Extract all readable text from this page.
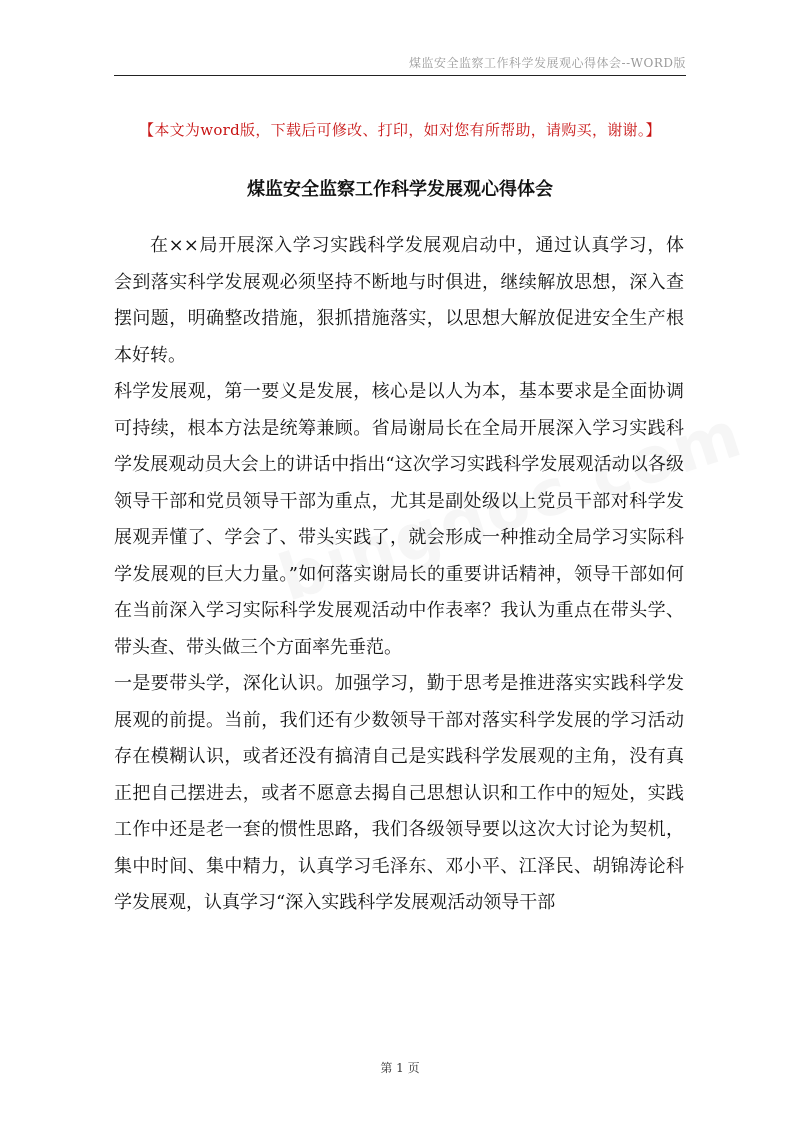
煤监安全监察工作科学发展观心得体会--WORD版
【本文为word版，下载后可修改、打印，如对您有所帮助，请购买，谢谢。】
煤监安全监察工作科学发展观心得体会

在××局开展深入学习实践科学发展观启动中，通过认真学习，体会到落实科学发展观必须坚持不断地与时俱进，继续解放思想，深入查摆问题，明确整改措施，狠抓措施落实，以思想大解放促进安全生产根本好转。

科学发展观，第一要义是发展，核心是以人为本，基本要求是全面协调可持续，根本方法是统筹兼顾。省局谢局长在全局开展深入学习实践科学发展观动员大会上的讲话中指出“这次学习实践科学发展观活动以各级领导干部和党员领导干部为重点，尤其是副处级以上党员干部对科学发展观弄懂了、学会了、带头实践了，就会形成一种推动全局学习实际科学发展观的巨大力量。”如何落实谢局长的重要讲话精神，领导干部如何在当前深入学习实际科学发展观活动中作表率？我认为重点在带头学、带头查、带头做三个方面率先垂范。

一是要带头学，深化认识。加强学习，勤于思考是推进落实实践科学发展观的前提。当前，我们还有少数领导干部对落实科学发展的学习活动存在模糊认识，或者还没有搞清自己是实践科学发展观的主角，没有真正把自己摆进去，或者不愿意去揭自己思想认识和工作中的短处，实践工作中还是老一套的惯性思路，我们各级领导要以这次大讨论为契机，集中时间、集中精力，认真学习毛泽东、邓小平、江泽民、胡锦涛论科学发展观，认真学习“深入实践科学发展观活动领导干部

第 1 页
